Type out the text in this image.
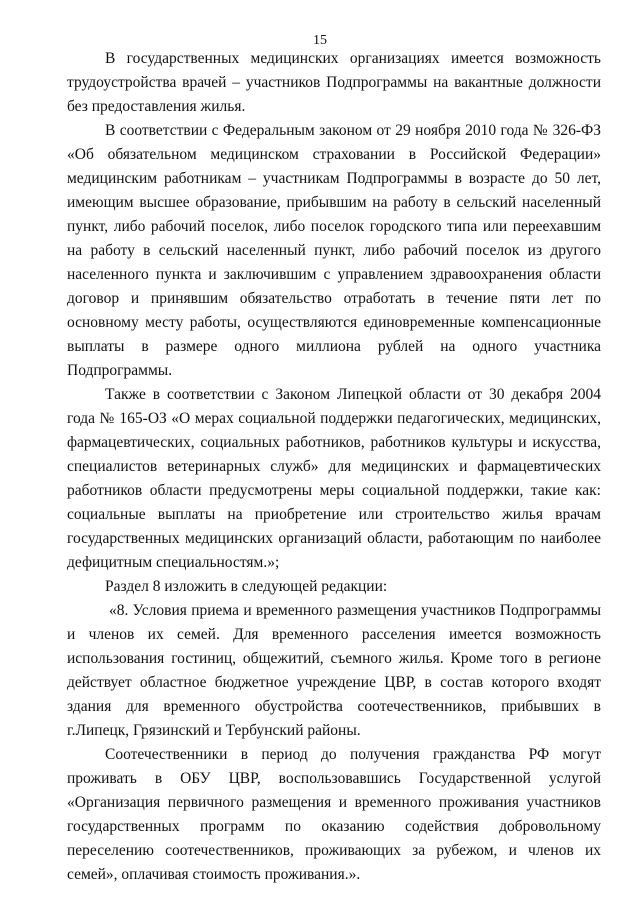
15

В государственных медицинских организациях имеется возможность трудоустройства врачей – участников Подпрограммы на вакантные должности без предоставления жилья.

В соответствии с Федеральным законом от 29 ноября 2010 года № 326-ФЗ «Об обязательном медицинском страховании в Российской Федерации» медицинским работникам – участникам Подпрограммы в возрасте до 50 лет, имеющим высшее образование, прибывшим на работу в сельский населенный пункт, либо рабочий поселок, либо поселок городского типа или переехавшим на работу в сельский населенный пункт, либо рабочий поселок из другого населенного пункта и заключившим с управлением здравоохранения области договор и принявшим обязательство отработать в течение пяти лет по основному месту работы, осуществляются единовременные компенсационные выплаты в размере одного миллиона рублей на одного участника Подпрограммы.

Также в соответствии с Законом Липецкой области от 30 декабря 2004 года № 165-ОЗ «О мерах социальной поддержки педагогических, медицинских, фармацевтических, социальных работников, работников культуры и искусства, специалистов ветеринарных служб» для медицинских и фармацевтических работников области предусмотрены меры социальной поддержки, такие как: социальные выплаты на приобретение или строительство жилья врачам государственных медицинских организаций области, работающим по наиболее дефицитным специальностям.»;

Раздел 8 изложить в следующей редакции:

«8. Условия приема и временного размещения участников Подпрограммы и членов их семей. Для временного расселения имеется возможность использования гостиниц, общежитий, съемного жилья. Кроме того в регионе действует областное бюджетное учреждение ЦВР, в состав которого входят здания для временного обустройства соотечественников, прибывших в г.Липецк, Грязинский и Тербунский районы.

Соотечественники в период до получения гражданства РФ могут проживать в ОБУ ЦВР, воспользовавшись Государственной услугой «Организация первичного размещения и временного проживания участников государственных программ по оказанию содействия добровольному переселению соотечественников, проживающих за рубежом, и членов их семей», оплачивая стоимость проживания.».
